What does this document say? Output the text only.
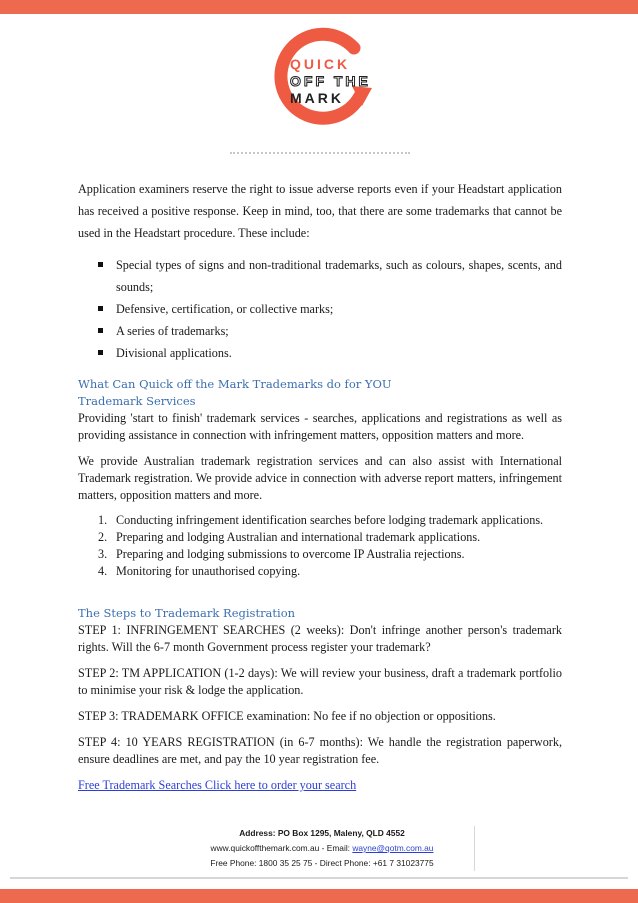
QUICK
OFF THE
MARK

Application examiners reserve the right to issue adverse reports even if your Headstart application has received a positive response. Keep in mind, too, that there are some trademarks that cannot be used in the Headstart procedure. These include:

Special types of signs and non-traditional trademarks, such as colours, shapes, scents, and sounds;
Defensive, certification, or collective marks;
A series of trademarks;
Divisional applications.
What Can Quick off the Mark Trademarks do for YOU
Trademark Services

Providing 'start to finish' trademark services - searches, applications and registrations as well as providing assistance in connection with infringement matters, opposition matters and more.

We provide Australian trademark registration services and can also assist with International Trademark registration. We provide advice in connection with adverse report matters, infringement matters, opposition matters and more.

1. Conducting infringement identification searches before lodging trademark applications.
2. Preparing and lodging Australian and international trademark applications.
3. Preparing and lodging submissions to overcome IP Australia rejections.
4. Monitoring for unauthorised copying.
The Steps to Trademark Registration

STEP 1: INFRINGEMENT SEARCHES (2 weeks): Don't infringe another person's trademark rights. Will the 6-7 month Government process register your trademark?

STEP 2: TM APPLICATION (1-2 days): We will review your business, draft a trademark portfolio to minimise your risk & lodge the application.

STEP 3: TRADEMARK OFFICE examination: No fee if no objection or oppositions.

STEP 4: 10 YEARS REGISTRATION (in 6-7 months): We handle the registration paperwork, ensure deadlines are met, and pay the 10 year registration fee.

Free Trademark Searches Click here to order your search

Address: PO Box 1295, Maleny, QLD 4552
www.quickoffthemark.com.au - Email: wayne@qotm.com.au
Free Phone: 1800 35 25 75 - Direct Phone: +61 7 31023775
